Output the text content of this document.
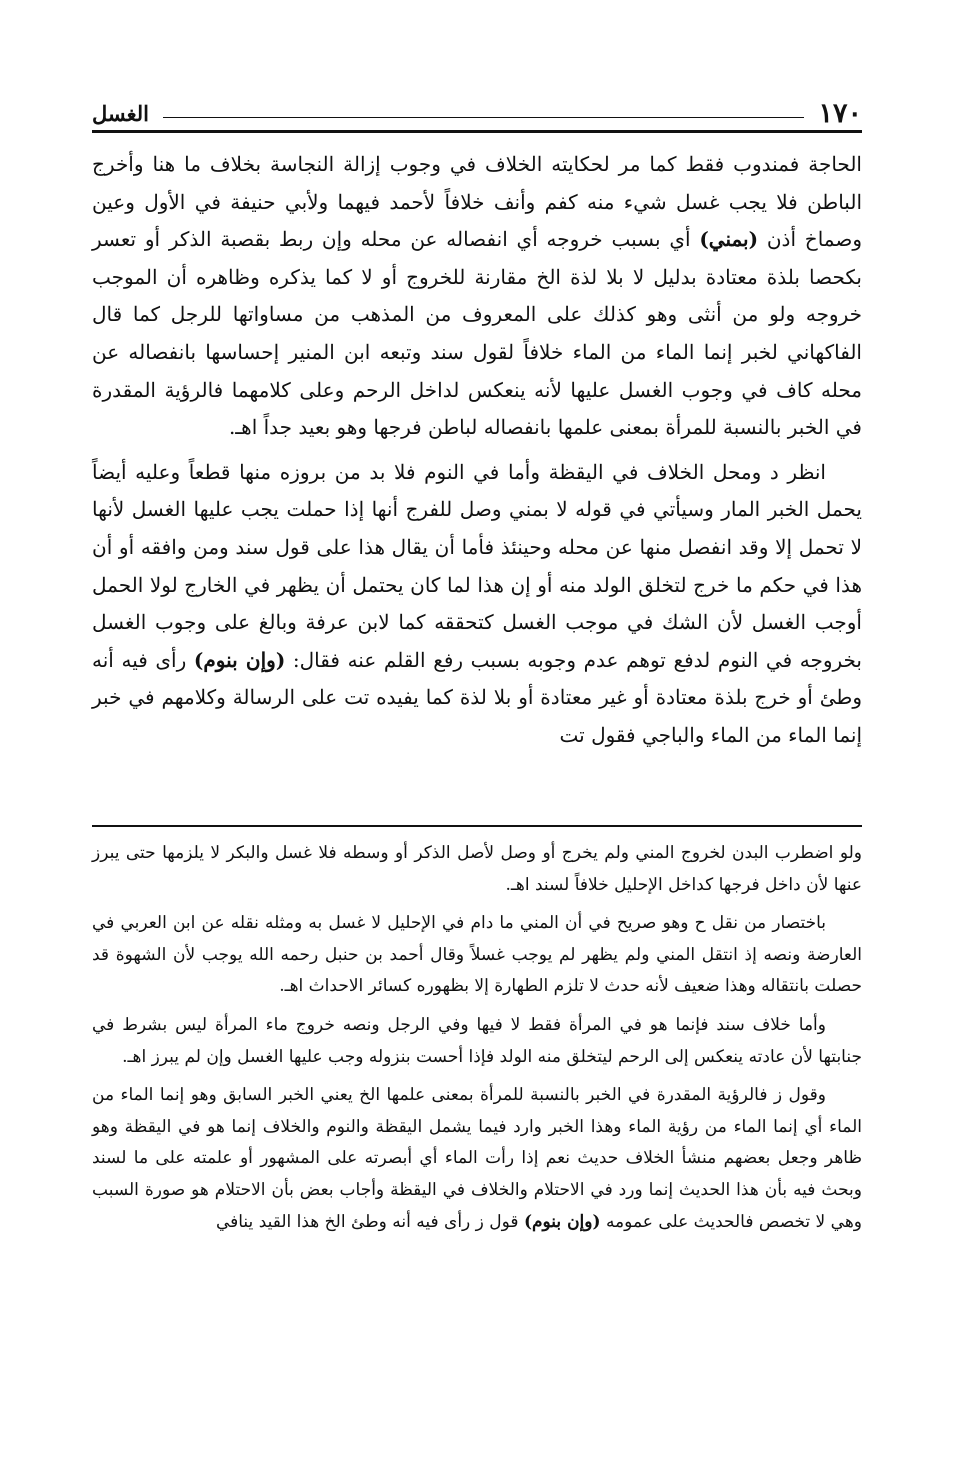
١٧٠
الغسل

الحاجة فمندوب فقط كما مر لحكايته الخلاف في وجوب إزالة النجاسة بخلاف ما هنا وأخرج الباطن فلا يجب غسل شيء منه كفم وأنف خلافاً لأحمد فيهما ولأبي حنيفة في الأول وعين وصماخ أذن (بمني) أي بسبب خروجه أي انفصاله عن محله وإن ربط بقصبة الذكر أو تعسر بكحصا بلذة معتادة بدليل لا بلا لذة الخ مقارنة للخروج أو لا كما يذكره وظاهره أن الموجب خروجه ولو من أنثى وهو كذلك على المعروف من المذهب من مساواتها للرجل كما قال الفاكهاني لخبر إنما الماء من الماء خلافاً لقول سند وتبعه ابن المنير إحساسها بانفصاله عن محله كاف في وجوب الغسل عليها لأنه ينعكس لداخل الرحم وعلى كلامهما فالرؤية المقدرة في الخبر بالنسبة للمرأة بمعنى علمها بانفصاله لباطن فرجها وهو بعيد جداً اهـ.

انظر د ومحل الخلاف في اليقظة وأما في النوم فلا بد من بروزه منها قطعاً وعليه أيضاً يحمل الخبر المار وسيأتي في قوله لا بمني وصل للفرج أنها إذا حملت يجب عليها الغسل لأنها لا تحمل إلا وقد انفصل منها عن محله وحينئذ فأما أن يقال هذا على قول سند ومن وافقه أو أن هذا في حكم ما خرج لتخلق الولد منه أو إن هذا لما كان يحتمل أن يظهر في الخارج لولا الحمل أوجب الغسل لأن الشك في موجب الغسل كتحققه كما لابن عرفة وبالغ على وجوب الغسل بخروجه في النوم لدفع توهم عدم وجوبه بسبب رفع القلم عنه فقال: (وإن بنوم) رأى فيه أنه وطئ أو خرج بلذة معتادة أو غير معتادة أو بلا لذة كما يفيده تت على الرسالة وكلامهم في خبر إنما الماء من الماء والباجي فقول تت

ولو اضطرب البدن لخروج المني ولم يخرج أو وصل لأصل الذكر أو وسطه فلا غسل والبكر لا يلزمها حتى يبرز عنها لأن داخل فرجها كداخل الإحليل خلافاً لسند اهـ.

باختصار من نقل ح وهو صريح في أن المني ما دام في الإحليل لا غسل به ومثله نقله عن ابن العربي في العارضة ونصه إذ انتقل المني ولم يظهر لم يوجب غسلاً وقال أحمد بن حنبل رحمه الله يوجب لأن الشهوة قد حصلت بانتقاله وهذا ضعيف لأنه حدث لا تلزم الطهارة إلا بظهوره كسائر الاحداث اهـ.

وأما خلاف سند فإنما هو في المرأة فقط لا فيها وفي الرجل ونصه خروج ماء المرأة ليس بشرط في جنابتها لأن عادته ينعكس إلى الرحم ليتخلق منه الولد فإذا أحست بنزوله وجب عليها الغسل وإن لم يبرز اهـ.

وقول ز فالرؤية المقدرة في الخبر بالنسبة للمرأة بمعنى علمها الخ يعني الخبر السابق وهو إنما الماء من الماء أي إنما الماء من رؤية الماء وهذا الخبر وارد فيما يشمل اليقظة والنوم والخلاف إنما هو في اليقظة وهو ظاهر وجعل بعضهم منشأ الخلاف حديث نعم إذا رأت الماء أي أبصرته على المشهور أو علمته على ما لسند وبحث فيه بأن هذا الحديث إنما ورد في الاحتلام والخلاف في اليقظة وأجاب بعض بأن الاحتلام هو صورة السبب وهي لا تخصص فالحديث على عمومه (وإن بنوم) قول ز رأى فيه أنه وطئ الخ هذا القيد ينافي
